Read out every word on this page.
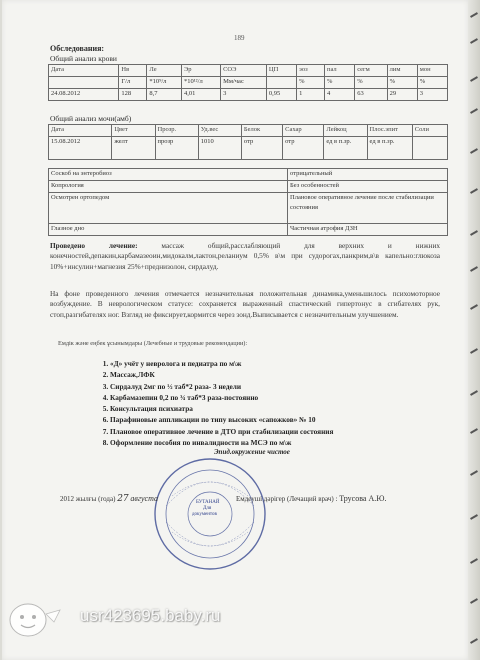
189
Обследования:
Общий анализ крови
Дата	Нв	Ле	Эр	СОЭ	ЦП	эоз	пал	сегм	лим	мон
	Г/л	*10⁹/л	*10¹²/л	Мм/час		%	%	%	%	%
24.08.2012	128	8,7	4,01	3	0,95	1	4	63	29	3
Общий анализ мочи(амб)
Дата	Цвет	Прозр.	Уд.вес	Белок	Сахар	Лейкоц	Плос.эпит	Соли
15.08.2012	желт	прозр	1010	отр	отр	ед в п.зр.	ед в п.зр.	
Соскоб на энтеробиоз	отрицательный
Копрология	Без особенностей
Осмотрен ортопедом	Плановое оперативное лечение после стабилизации состояния
Глазное дно	Частичная атрофия ДЗН
Проведено лечение:	массаж общий,расслабляющий для верхних и нижних конечностей,депакин,карбамазеоин,мидокалм,лактон,реланиум 0,5% в\м при судорогах,панкрим,в\в капельно:глюкоза 10%+инсулин+магнезия 25%+преднизолон, сирдалуд.
На фоне проведенного лечения отмечается незначительная положительная динамика,уменьшилось психомоторное возбуждение. В неврологическом статусе: сохраняется выраженный спастический гипертонус в сгибателях рук, стоп,разгибателях ног. Взгляд не фиксирует,кормится через зонд.Выписывается с незначительным улучшением.
Емдік және еңбек ұсынымдары (Лечебные и трудовые рекомендации):
1. «Д» учёт у невролога и педиатра по м\ж
2. Массаж,ЛФК
3. Сирдалуд 2мг по ½ таб*2 раза- 3 недели
4. Карбамазепин 0,2 по ¾ таб*3 раза-постоянно
5. Консультация психиатра
6. Парафиновые аппликации по типу высоких «сапожков» № 10
7. Плановое оперативное лечение в ДТО при стабилизации состояния
8. Оформление пособия по инвалидности на МСЭ по м\ж
Эпид.окружение чистое
БУТАНАЙ
Для
документов
2012 жылғы (года) 27 августа	Емдеуші дәрігер (Лечащий врач) : Трусова А.Ю.
usr423695.baby.ru
